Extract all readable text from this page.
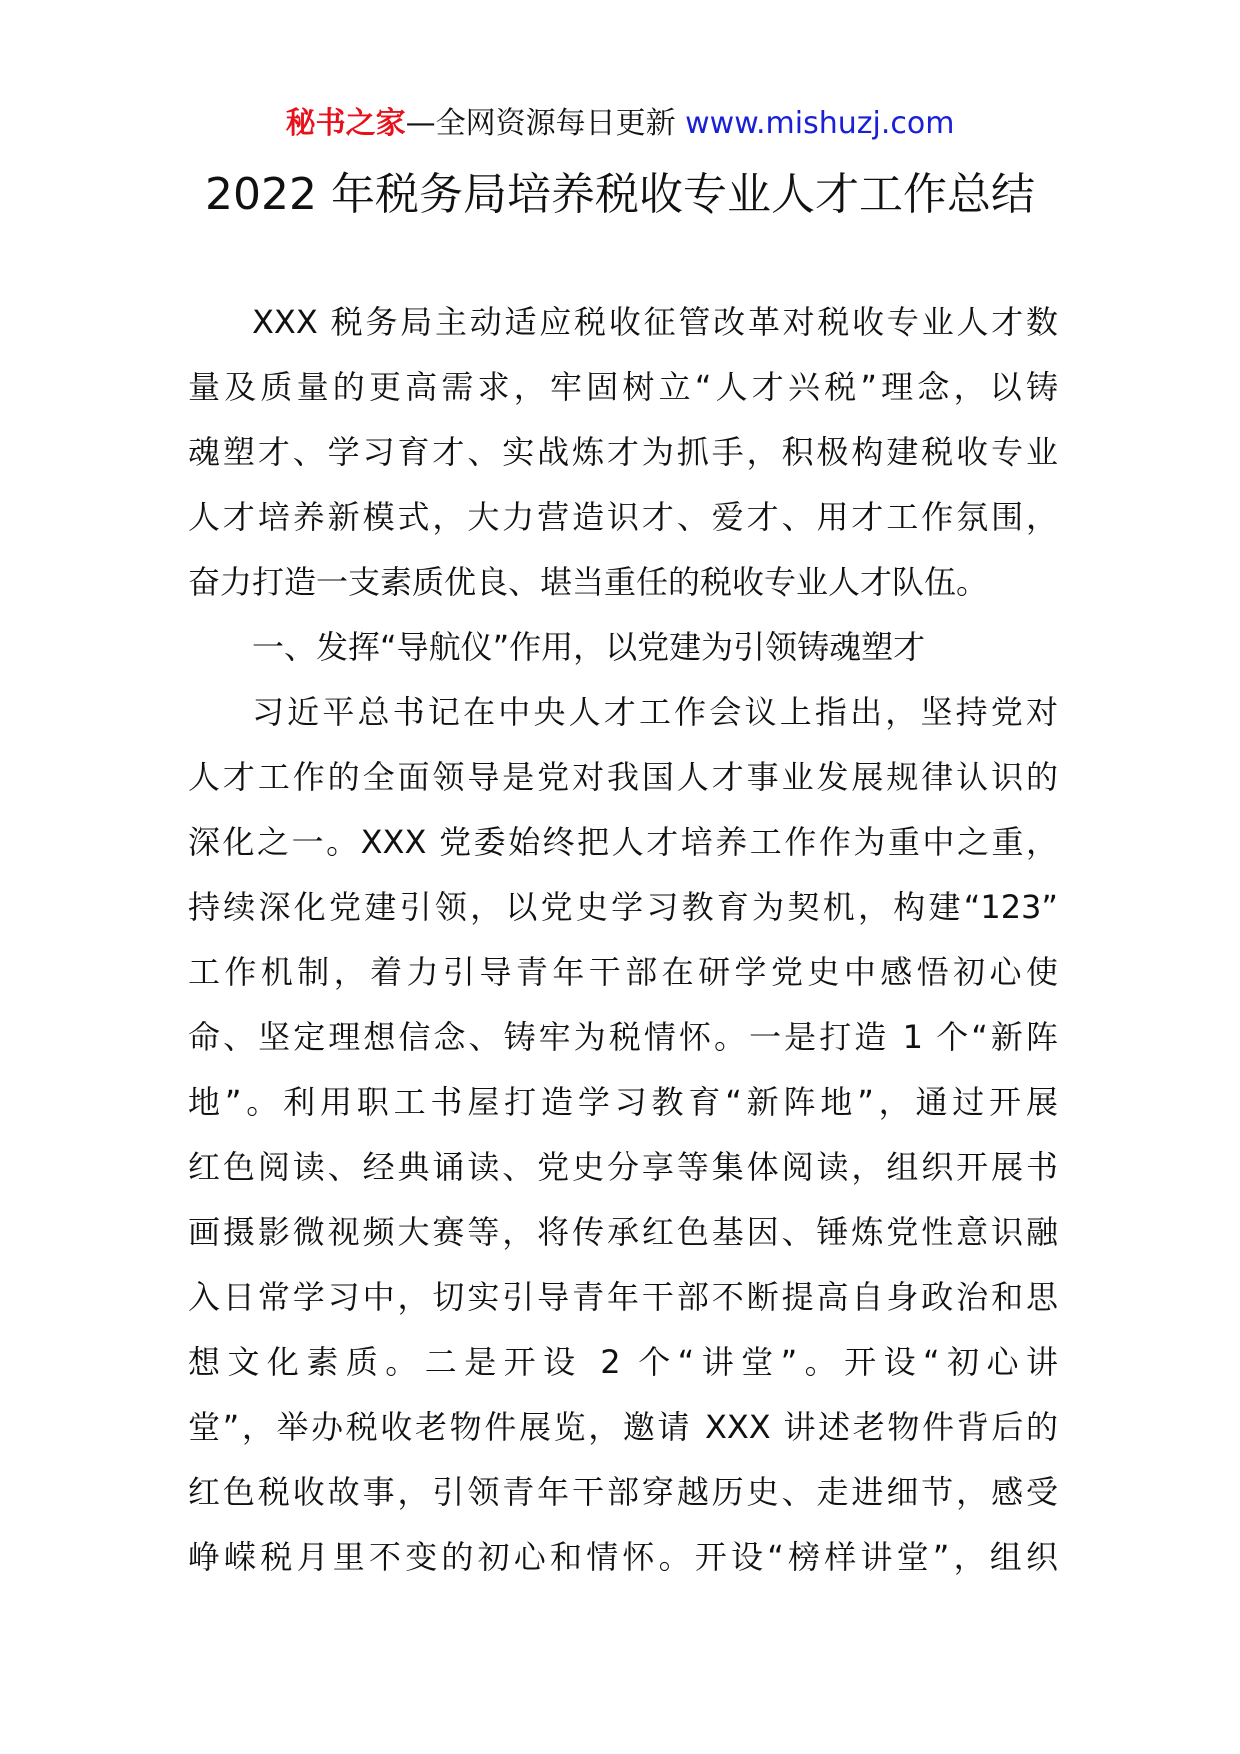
秘书之家—全网资源每日更新 www.mishuzj.com
2022 年税务局培养税收专业人才工作总结
XXX 税务局主动适应税收征管改革对税收专业人才数
量及质量的更高需求，牢固树立“人才兴税”理念，以铸
魂塑才、学习育才、实战炼才为抓手，积极构建税收专业
人才培养新模式，大力营造识才、爱才、用才工作氛围，
奋力打造一支素质优良、堪当重任的税收专业人才队伍。
一、发挥“导航仪”作用，以党建为引领铸魂塑才
习近平总书记在中央人才工作会议上指出，坚持党对
人才工作的全面领导是党对我国人才事业发展规律认识的
深化之一。XXX 党委始终把人才培养工作作为重中之重，
持续深化党建引领，以党史学习教育为契机，构建“123”
工作机制，着力引导青年干部在研学党史中感悟初心使
命、坚定理想信念、铸牢为税情怀。一是打造 1 个“新阵
地”。利用职工书屋打造学习教育“新阵地”，通过开展
红色阅读、经典诵读、党史分享等集体阅读，组织开展书
画摄影微视频大赛等，将传承红色基因、锤炼党性意识融
入日常学习中，切实引导青年干部不断提高自身政治和思
想文化素质。二是开设 2 个“讲堂”。开设“初心讲
堂”，举办税收老物件展览，邀请 XXX 讲述老物件背后的
红色税收故事，引领青年干部穿越历史、走进细节，感受
峥嵘税月里不变的初心和情怀。开设“榜样讲堂”，组织
